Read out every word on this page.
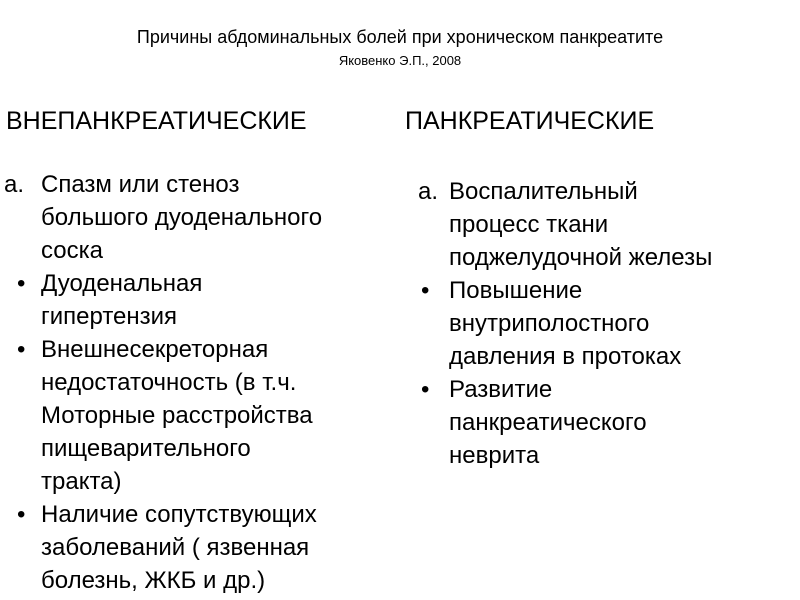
Причины абдоминальных болей при хроническом панкреатите
Яковенко Э.П., 2008
ВНЕПАНКРЕАТИЧЕСКИЕ	ПАНКРЕАТИЧЕСКИЕ
а. Спазм или стеноз
большого дуоденального
соска
• Дуоденальная
гипертензия
• Внешнесекреторная
недостаточность (в т.ч.
Моторные расстройства
пищеварительного
тракта)
• Наличие сопутствующих
заболеваний ( язвенная
болезнь, ЖКБ и др.)
а. Воспалительный
процесс ткани
поджелудочной железы
• Повышение
внутриполостного
давления в протоках
• Развитие
панкреатического
неврита
